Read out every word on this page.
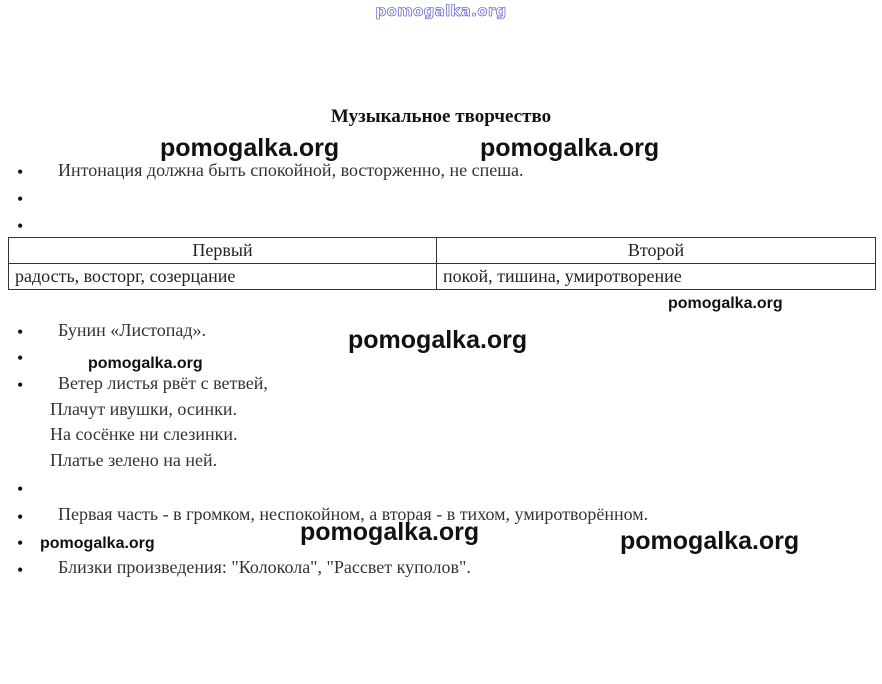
pomogalka.org
Музыкальное творчество
• Интонация должна быть спокойной, восторженно, не спеша.
•
•
Первый	Второй
радость, восторг, созерцание	покой, тишина, умиротворение
• Бунин «Листопад».
•
• Ветер листья рвёт с ветвей,
Плачут ивушки, осинки.
На сосёнке ни слезинки.
Платье зелено на ней.
•
• Первая часть - в громком, неспокойном, а вторая - в тихом, умиротворённом.
•
• Близки произведения: "Колокола", "Рассвет куполов".
pomogalka.org	pomogalka.org
pomogalka.org
pomogalka.org
pomogalka.org
pomogalka.org
pomogalka.org	pomogalka.org
